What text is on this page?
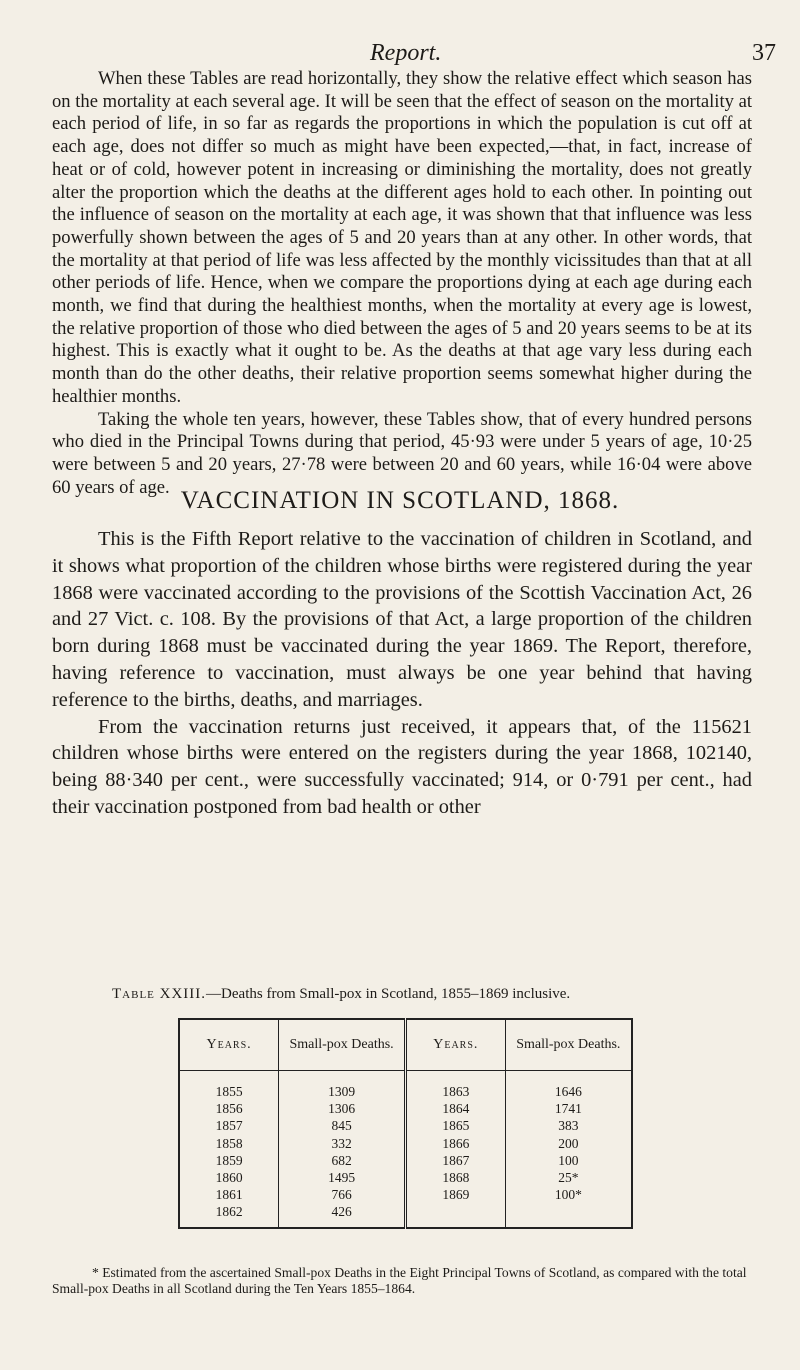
Report.	37

When these Tables are read horizontally, they show the relative effect which season has on the mortality at each several age. It will be seen that the effect of season on the mortality at each period of life, in so far as regards the proportions in which the population is cut off at each age, does not differ so much as might have been expected,—that, in fact, increase of heat or of cold, however potent in increasing or diminishing the mortality, does not greatly alter the proportion which the deaths at the different ages hold to each other. In pointing out the influence of season on the mortality at each age, it was shown that that influence was less powerfully shown between the ages of 5 and 20 years than at any other. In other words, that the mortality at that period of life was less affected by the monthly vicissitudes than that at all other periods of life. Hence, when we compare the proportions dying at each age during each month, we find that during the healthiest months, when the mortality at every age is lowest, the relative proportion of those who died between the ages of 5 and 20 years seems to be at its highest. This is exactly what it ought to be. As the deaths at that age vary less during each month than do the other deaths, their relative proportion seems somewhat higher during the healthier months.

Taking the whole ten years, however, these Tables show, that of every hundred persons who died in the Principal Towns during that period, 45·93 were under 5 years of age, 10·25 were between 5 and 20 years, 27·78 were between 20 and 60 years, while 16·04 were above 60 years of age. VACCINATION IN SCOTLAND, 1868.

This is the Fifth Report relative to the vaccination of children in Scotland, and it shows what proportion of the children whose births were registered during the year 1868 were vaccinated according to the provisions of the Scottish Vaccination Act, 26 and 27 Vict. c. 108. By the provisions of that Act, a large proportion of the children born during 1868 must be vaccinated during the year 1869. The Report, therefore, having reference to vaccination, must always be one year behind that having reference to the births, deaths, and marriages.

From the vaccination returns just received, it appears that, of the 115621 children whose births were entered on the registers during the year 1868, 102140, being 88·340 per cent., were successfully vaccinated; 914, or 0·791 per cent., had their vaccination postponed from bad health or other

Table XXIII.—Deaths from Small-pox in Scotland, 1855–1869 inclusive.
Years.	Small-pox Deaths.	Years.	Small-pox Deaths.
1855	1309	1863	1646
1856	1306	1864	1741
1857	845	1865	383
1858	332	1866	200
1859	682	1867	100
1860	1495	1868	25*
1861	766	1869	100*
1862	426		

* Estimated from the ascertained Small-pox Deaths in the Eight Principal Towns of Scotland, as compared with the total Small-pox Deaths in all Scotland during the Ten Years 1855–1864.
